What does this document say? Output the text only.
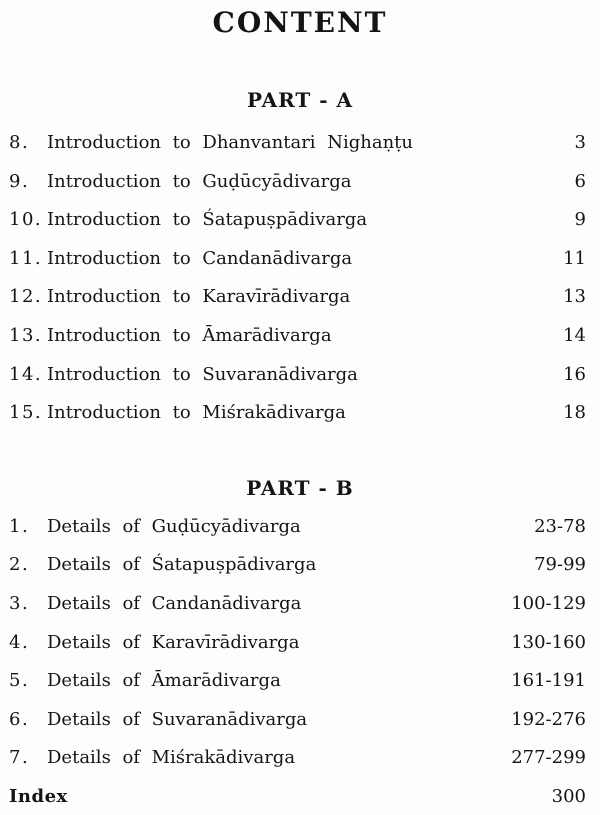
CONTENT
PART - A
8. Introduction to Dhanvantari Nighaṇṭu	3
9. Introduction to Guḍūcyādivarga	6
10. Introduction to Śatapuṣpādivarga	9
11. Introduction to Candanādivarga	11
12. Introduction to Karavīrādivarga	13
13. Introduction to Āmarādivarga	14
14. Introduction to Suvaranādivarga	16
15. Introduction to Miśrakādivarga	18
PART - B
1. Details of Guḍūcyādivarga	23-78
2. Details of Śatapuṣpādivarga	79-99
3. Details of Candanādivarga	100-129
4. Details of Karavīrādivarga	130-160
5. Details of Āmarādivarga	161-191
6. Details of Suvaranādivarga	192-276
7. Details of Miśrakādivarga	277-299
Index	300
